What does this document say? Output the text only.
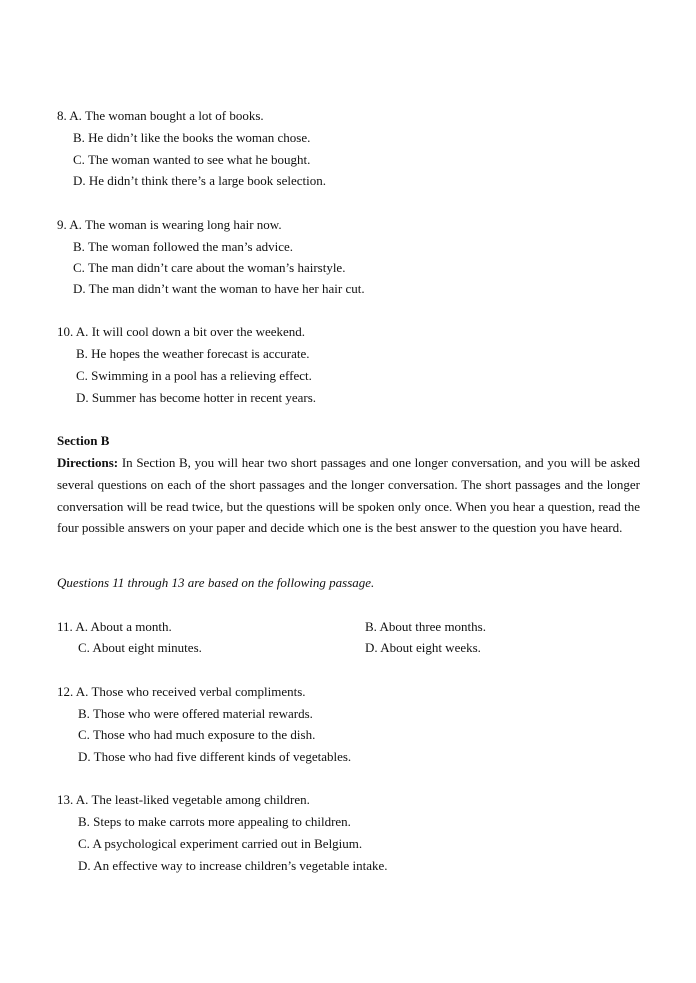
8. A. The woman bought a lot of books.
B. He didn’t like the books the woman chose.
C. The woman wanted to see what he bought.
D. He didn’t think there’s a large book selection.
9. A. The woman is wearing long hair now.
B. The woman followed the man’s advice.
C. The man didn’t care about the woman’s hairstyle.
D. The man didn’t want the woman to have her hair cut.
10. A. It will cool down a bit over the weekend.
B. He hopes the weather forecast is accurate.
C. Swimming in a pool has a relieving effect.
D. Summer has become hotter in recent years.
Section B
Directions: In Section B, you will hear two short passages and one longer conversation, and you will be asked several questions on each of the short passages and the longer conversation. The short passages and the longer conversation will be read twice, but the questions will be spoken only once. When you hear a question, read the four possible answers on your paper and decide which one is the best answer to the question you have heard.
Questions 11 through 13 are based on the following passage.
11. A. About a month.	B. About three months.
C. About eight minutes.	D. About eight weeks.
12. A. Those who received verbal compliments.
B. Those who were offered material rewards.
C. Those who had much exposure to the dish.
D. Those who had five different kinds of vegetables.
13. A. The least-liked vegetable among children.
B. Steps to make carrots more appealing to children.
C. A psychological experiment carried out in Belgium.
D. An effective way to increase children’s vegetable intake.
